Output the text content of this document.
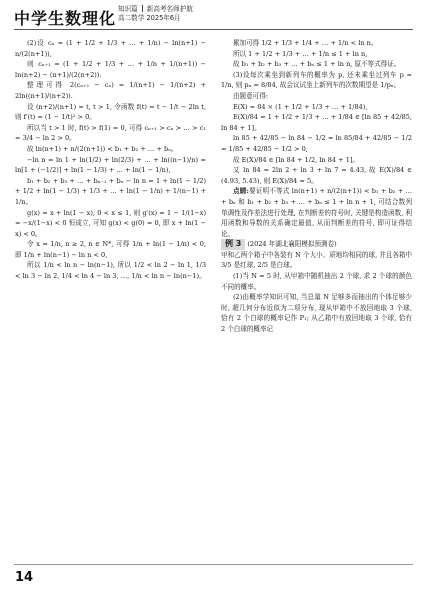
中学生数理化 知识篇 新高考名师护航
高二数学 2025年6月

(2)设 cₙ = (1 + 1/2 + 1/3 + … + 1/n) − ln(n+1) − n/(2(n+1)),

则 cₙ₊₁ = (1 + 1/2 + 1/3 + … + 1/n + 1/(n+1)) − ln(n+2) − (n+1)/(2(n+2)).

整理可得 2(cₙ₊₁ − cₙ) = 1/(n+1) − 1/(n+2) + 2ln((n+1)/(n+2)).

设 (n+2)/(n+1) = t, t > 1, 令函数 f(t) = t − 1/t − 2ln t, 则 f′(t) = (1 − 1/t)² > 0。

所以当 t > 1 时, f(t) > f(1) = 0, 可得 cₙ₊₁ > cₙ > … > c₁ = 3/4 − ln 2 > 0。

故 ln(n+1) + n/(2(n+1)) < b₁ + b₂ + … + bₙ。

−ln n = ln 1 + ln(1/2) + ln(2/3) + … + ln((n−1)/n) = ln[1 + (−1/2)] + ln(1 − 1/3) + … + ln(1 − 1/n),

b₁ + b₂ + b₃ + … + bₙ₋₁ + bₙ − ln n = 1 + ln(1 − 1/2) + 1/2 + ln(1 − 1/3) + 1/3 + … + ln(1 − 1/n) + 1/(n−1) + 1/n。

g(x) = x + ln(1 − x), 0 < x ≤ 1, 则 g′(x) = 1 − 1/(1−x) = −x/(1−x) < 0 恒成立, 可知 g(x) < g(0) = 0, 即 x + ln(1 − x) < 0。

令 x = 1/n, n ≥ 2, n ∈ N*, 可得 1/n + ln(1 − 1/n) < 0, 即 1/n + ln(n−1) − ln n < 0,

所以 1/n < ln n − ln(n−1), 所以 1/2 < ln 2 − ln 1, 1/3 < ln 3 − ln 2, 1/4 < ln 4 − ln 3, …, 1/n < ln n − ln(n−1)。

累加可得 1/2 + 1/3 + 1/4 + … + 1/n < ln n。

所以 1 + 1/2 + 1/3 + … + 1/n ≤ 1 + ln n,

故 b₁ + b₂ + b₃ + … + bₙ ≤ 1 + ln n, 原不等式得证。

(3)设每次乘坐到新列车的概率为 p, 还未乘坐过列车 p = 1/n, 则 pₙ = 8/84, 故会议试坐上新列车的次数期望是 1/pₙ。

由题意可得:

E(X) = 84 × (1 + 1/2 + 1/3 + … + 1/84),

E(X)/84 = 1 + 1/2 + 1/3 + … + 1/84 ∈ [ln 85 + 42/85, ln 84 + 1]。

ln 85 + 42/85 − ln 84 − 1/2 = ln 85/84 + 42/85 − 1/2 = 1/85 + 42/85 − 1/2 > 0,

故 E(X)/84 ∈ [ln 84 + 1/2, ln 84 + 1]。

又 ln 84 = 2ln 2 + ln 3 + ln 7 ≈ 4.43, 故 E(X)/84 ∈ (4.93, 5.43), 则 E(X)/84 ≈ 5。

点睛:要证明不等式 ln(n+1) + n/(2(n+1)) < b₁ + b₂ + … + bₙ 和 b₁ + b₂ + b₃ + … + bₙ ≤ 1 + ln n + 1, 可结合数列单调性及作差法进行处理, 在判断差的符号时, 关键是构造函数, 利用函数和导数的关系确定最值, 从而判断差的符号, 即可证得结论。

例 3 (2024 年湖北襄阳模拟预测卷)

甲和乙两个箱子中各装有 N 个大小、质地均相同的球, 并且各箱中 3/5 是红球, 2/5 是白球。

(1)当 N = 5 时, 从甲箱中随机抽出 2 个球, 求 2 个球的颜色不同的概率。

(2)由概率学知识可知, 当总量 N 足够多而抽出的个体足够少时, 超几何分布近似为二项分布, 现从甲箱中不放回地取 3 个球, 恰有 2 个白球的概率记作 P₁; 从乙箱中有放回地取 3 个球, 恰有 2 个白球的概率记

14
